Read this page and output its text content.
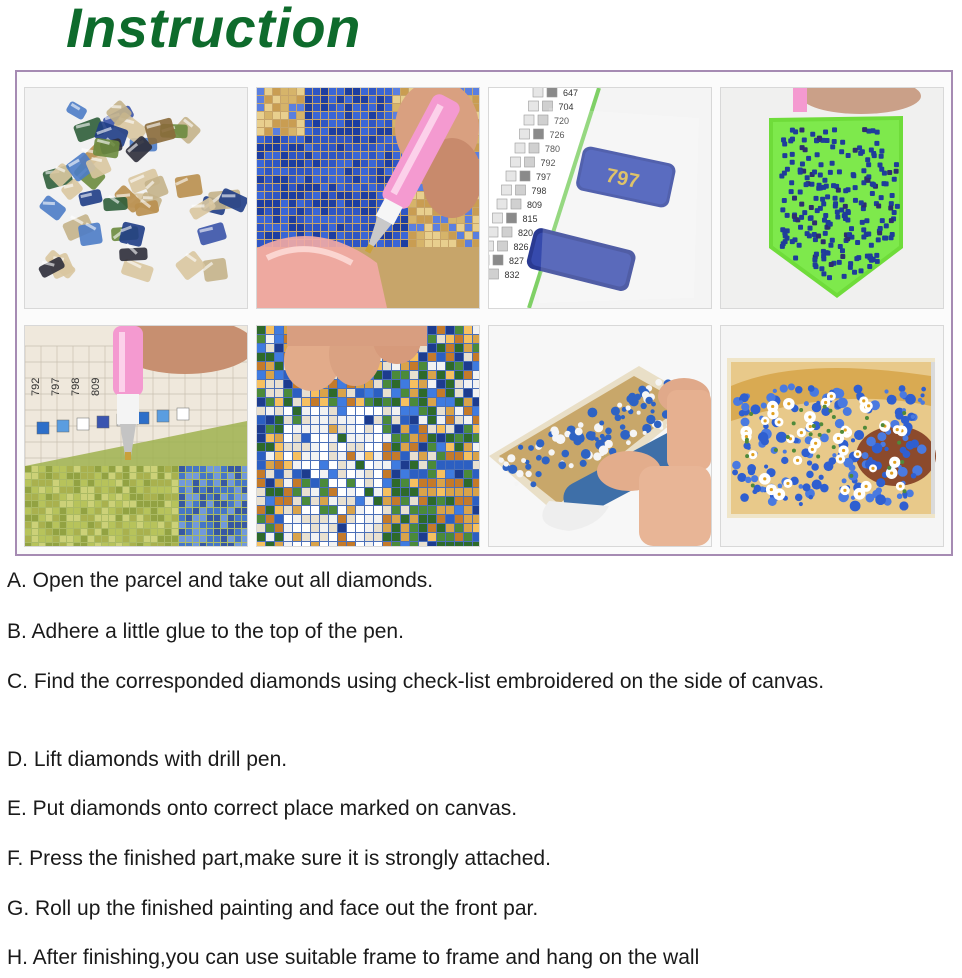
Instruction
647
704
720
726
780
792
797
798
809
815
820
826
827
832
797
792 797 798 809
A. Open the parcel and take out all diamonds.
B. Adhere a little glue to the top of the pen.
C. Find the corresponded diamonds using check-list embroidered on the side of canvas.
D. Lift diamonds with drill pen.
E. Put diamonds onto correct place marked on canvas.
F. Press the finished part,make sure it is strongly attached.
G. Roll up the finished painting and face out the front par.
H. After finishing,you can use suitable frame to frame and hang on the wall
